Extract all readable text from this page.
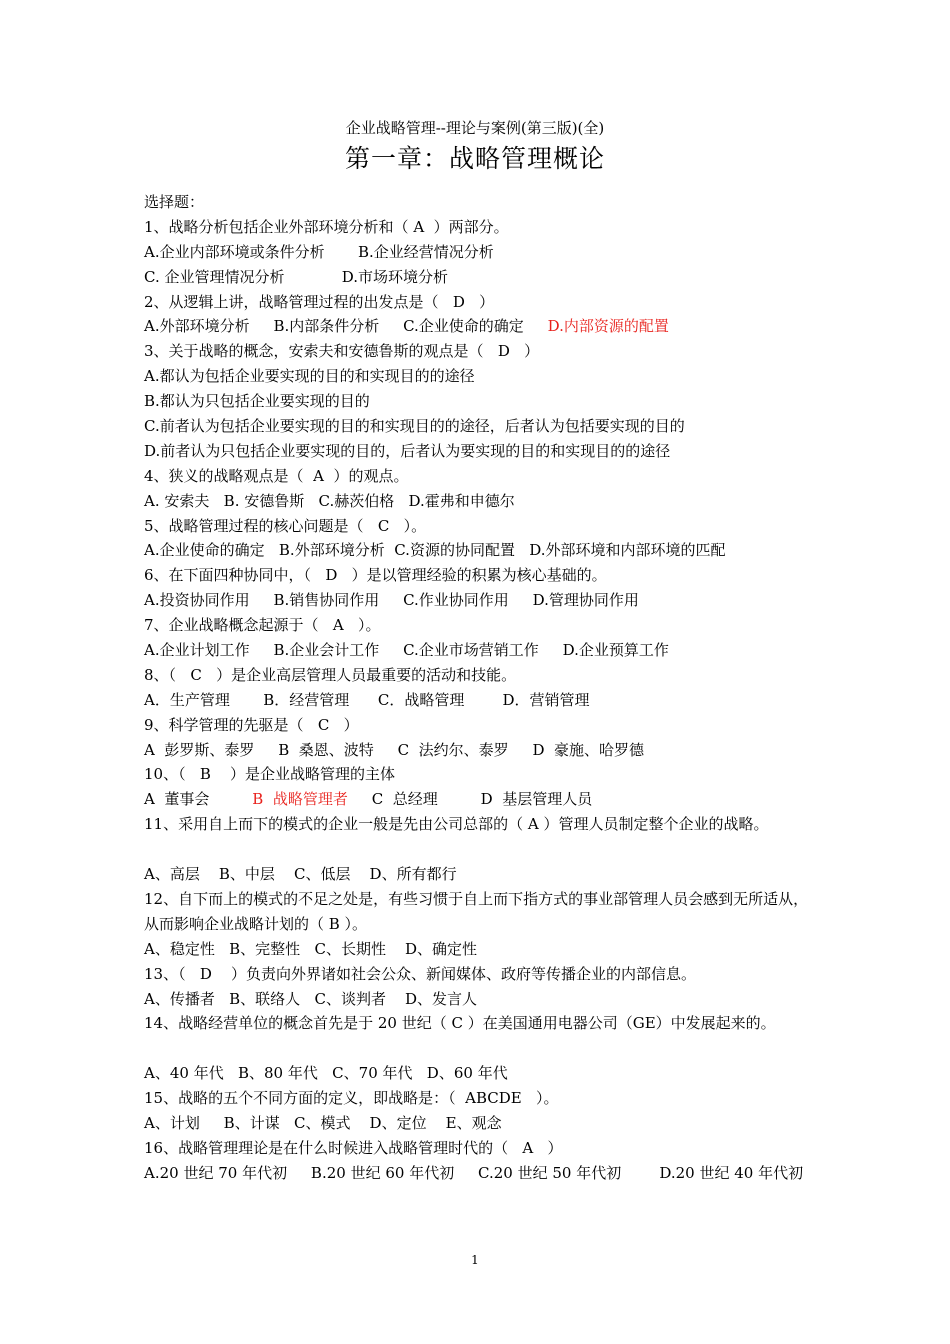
企业战略管理--理论与案例(第三版)(全)
第一章：战略管理概论
选择题：
1、战略分析包括企业外部环境分析和（ A  ）两部分。
A.企业内部环境或条件分析       B.企业经营情况分析
C. 企业管理情况分析            D.市场环境分析
2、从逻辑上讲，战略管理过程的出发点是（   D   ）
A.外部环境分析     B.内部条件分析     C.企业使命的确定 D.内部资源的配置
3、关于战略的概念，安索夫和安德鲁斯的观点是（   D   ）
A.都认为包括企业要实现的目的和实现目的的途径
B.都认为只包括企业要实现的目的
C.前者认为包括企业要实现的目的和实现目的的途径，后者认为包括要实现的目的
D.前者认为只包括企业要实现的目的，后者认为要实现的目的和实现目的的途径
4、狭义的战略观点是（  A  ）的观点。
A. 安索夫   B. 安德鲁斯   C.赫茨伯格   D.霍弗和申德尔
5、战略管理过程的核心问题是（   C   ）。
A.企业使命的确定   B.外部环境分析  C.资源的协同配置   D.外部环境和内部环境的匹配
6、在下面四种协同中，（   D   ）是以管理经验的积累为核心基础的。
A.投资协同作用     B.销售协同作用     C.作业协同作用     D.管理协同作用
7、企业战略概念起源于（   A   ）。
A.企业计划工作     B.企业会计工作     C.企业市场营销工作     D.企业预算工作
8、（   C   ）是企业高层管理人员最重要的活动和技能。
A．生产管理       B．经营管理      C．战略管理        D．营销管理
9、科学管理的先驱是（   C   ）
A  彭罗斯、泰罗     B  桑恩、波特     C  法约尔、泰罗     D  豪施、哈罗德
10、（   B    ）是企业战略管理的主体
A  董事会         B  战略管理者     C  总经理         D  基层管理人员
11、采用自上而下的模式的企业一般是先由公司总部的（ A ）管理人员制定整个企业的战略。
A、高层    B、中层    C、低层    D、所有都行
12、自下而上的模式的不足之处是，有些习惯于自上而下指方式的事业部管理人员会感到无所适从，从而影响企业战略计划的（ B ）。
A、稳定性   B、完整性   C、长期性    D、确定性
13、（   D    ）负责向外界诸如社会公众、新闻媒体、政府等传播企业的内部信息。
A、传播者   B、联络人   C、谈判者    D、发言人
14、战略经营单位的概念首先是于 20 世纪（ C ）在美国通用电器公司（GE）中发展起来的。
A、40 年代   B、80 年代   C、70 年代   D、60 年代
15、战略的五个不同方面的定义，即战略是：（  ABCDE   ）。
A、计划     B、计谋   C、模式    D、定位    E、观念
16、战略管理理论是在什么时候进入战略管理时代的（   A   ）
A.20 世纪 70 年代初     B.20 世纪 60 年代初     C.20 世纪 50 年代初        D.20 世纪 40 年代初
1
